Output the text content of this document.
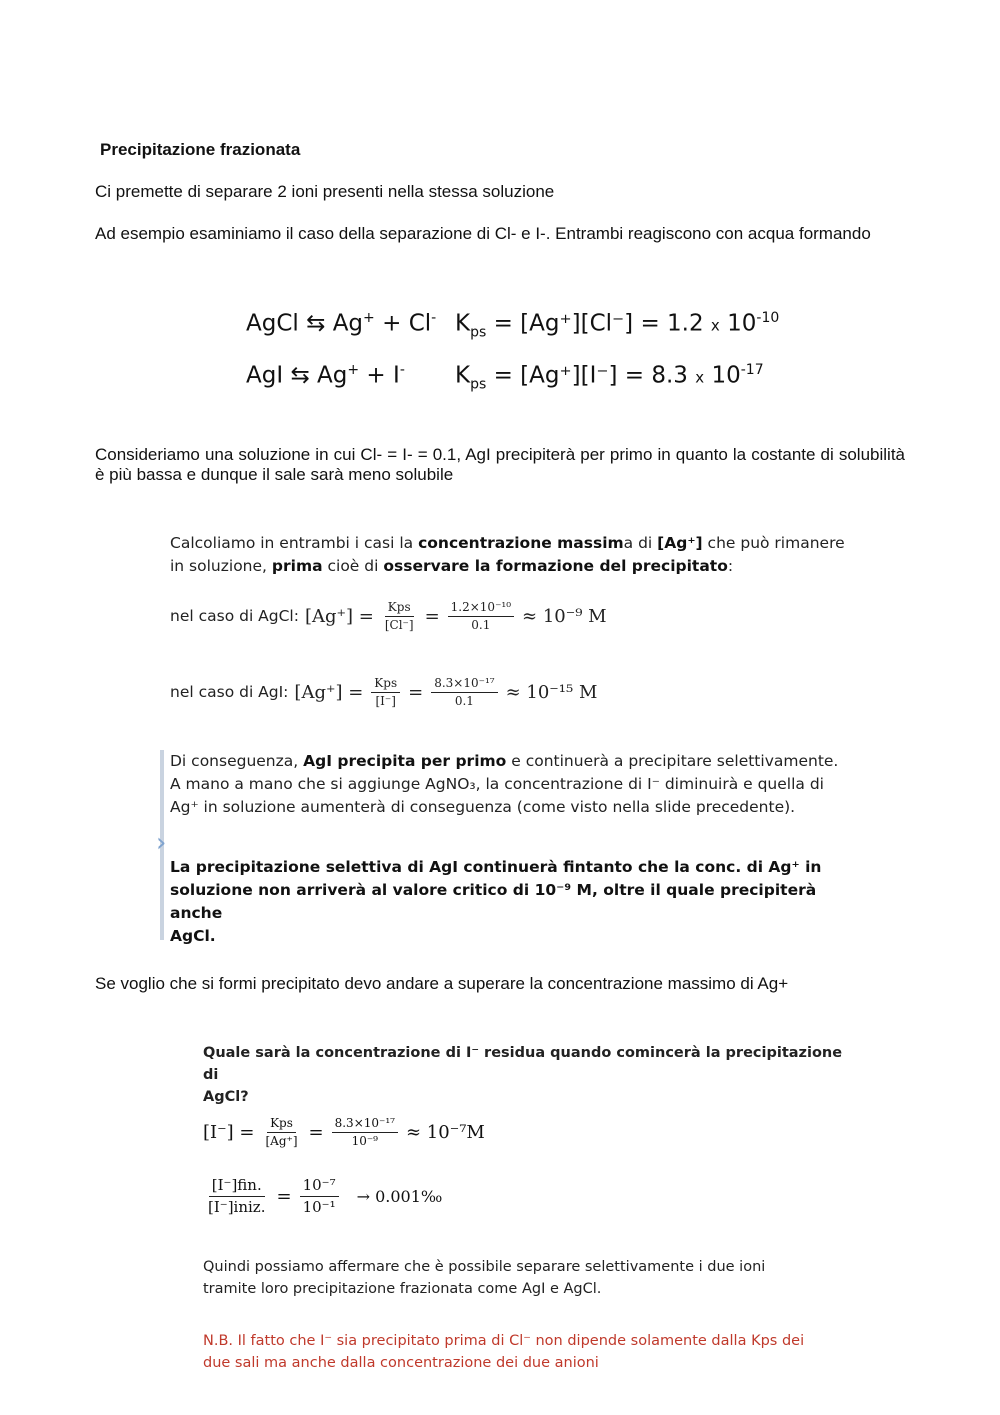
Precipitazione frazionata
Ci premette di separare 2 ioni presenti nella stessa soluzione
Ad esempio esaminiamo il caso della separazione di Cl- e I-. Entrambi reagiscono con acqua formando
AgCl ⇆ Ag+ + Cl- $K_{ps} = [Ag^+][Cl^-] = 1.2$ x $10^{-10}$
AgI ⇆ Ag+ + I- $K_{ps} = [Ag^+][I^-] = 8.3$ x $10^{-17}$
Consideriamo una soluzione in cui Cl- = I- = 0.1, AgI precipiterà per primo in quanto la costante di solubilità è più bassa e dunque il sale sarà meno solubile
Calcoliamo in entrambi i casi la concentrazione massima di [Ag⁺] che può rimanere
in soluzione, prima cioè di osservare la formazione del precipitato:
nel caso di AgCl: $[Ag^+] = \frac{\text{Kps}}{[Cl^-]} = \frac{\text{1.2×10⁻¹⁰}}{0.1} \approx 10^{-9}$ M
nel caso di AgI: $[Ag^+] = \frac{\text{Kps}}{[I^-]} = \frac{\text{8.3×10⁻¹⁷}}{0.1} \approx 10^{-15}$ M
›
Di conseguenza, AgI precipita per primo e continuerà a precipitare selettivamente.
A mano a mano che si aggiunge AgNO₃, la concentrazione di I⁻ diminuirà e quella di
Ag⁺ in soluzione aumenterà di conseguenza (come visto nella slide precedente).
La precipitazione selettiva di AgI continuerà fintanto che la conc. di Ag⁺ in
soluzione non arriverà al valore critico di 10⁻⁹ M, oltre il quale precipiterà anche
AgCl.
Se voglio che si formi precipitato devo andare a superare la concentrazione massimo di Ag+
Quale sarà la concentrazione di I⁻ residua quando comincerà la precipitazione di
AgCl?
$[I^-] = \frac{\text{Kps}}{[Ag^+]} = \frac{\text{8.3×10⁻¹⁷}}{\text{10⁻⁹}} \approx 10^{-7}M$
$\frac{\text{[I⁻]fin.}}{\text{[I⁻]iniz.}} = \frac{\text{10⁻⁷}}{\text{10⁻¹}}$ → 0.001‰
Quindi possiamo affermare che è possibile separare selettivamente i due ioni
tramite loro precipitazione frazionata come AgI e AgCl.
N.B. Il fatto che I⁻ sia precipitato prima di Cl⁻ non dipende solamente dalla Kps dei
due sali ma anche dalla concentrazione dei due anioni
